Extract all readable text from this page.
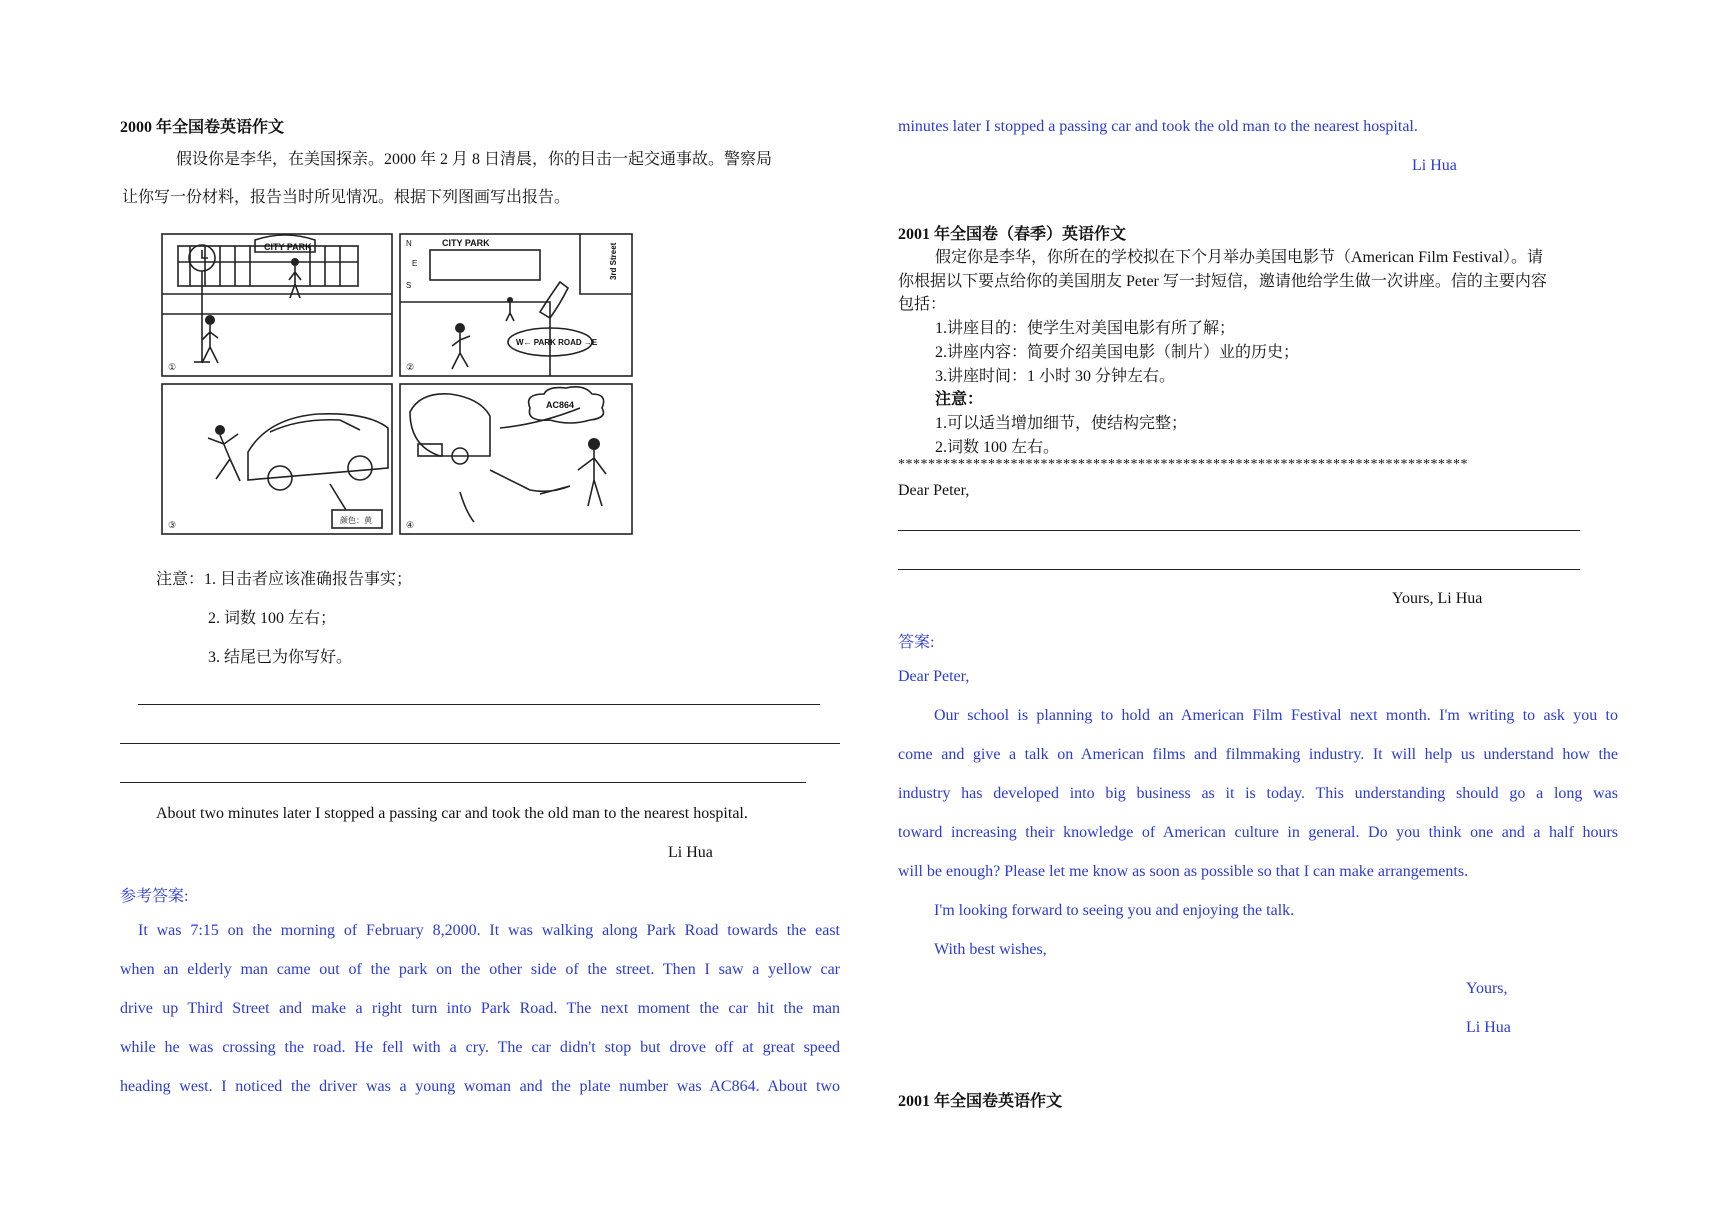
2000 年全国卷英语作文
假设你是李华，在美国探亲。2000 年 2 月 8 日清晨，你的目击一起交通事故。警察局
让你写一份材料，报告当时所见情况。根据下列图画写出报告。
CITY PARK
①
CITY PARK	3rd Street
N
E
S
W← PARK ROAD →E
②
颜色：黄
③
AC864
④
注意：1. 目击者应该准确报告事实；
2. 词数 100 左右；
3. 结尾已为你写好。
About two minutes later I stopped a passing car and took the old man to the nearest hospital.
Li Hua
参考答案:
It was 7:15 on the morning of February 8,2000. It was walking along Park Road towards the east
when an elderly man came out of the park on the other side of the street. Then I saw a yellow car
drive up Third Street and make a right turn into Park Road. The next moment the car hit the man
while he was crossing the road. He fell with a cry. The car didn't stop but drove off at great speed
heading west. I noticed the driver was a young woman and the plate number was AC864. About two
minutes later I stopped a passing car and took the old man to the nearest hospital.
Li Hua
2001 年全国卷（春季）英语作文
假定你是李华，你所在的学校拟在下个月举办美国电影节（American Film Festival）。请
你根据以下要点给你的美国朋友 Peter 写一封短信，邀请他给学生做一次讲座。信的主要内容
包括：
1.讲座目的：使学生对美国电影有所了解；
2.讲座内容：简要介绍美国电影（制片）业的历史；
3.讲座时间：1 小时 30 分钟左右。
注意：
1.可以适当增加细节，使结构完整；
2.词数 100 左右。
****************************************************************************
Dear Peter,
Yours, Li Hua
答案:
Dear Peter,
Our school is planning to hold an American Film Festival next month. I'm writing to ask you to
come and give a talk on American films and filmmaking industry. It will help us understand how the
industry has developed into big business as it is today. This understanding should go a long was
toward increasing their knowledge of American culture in general. Do you think one and a half hours
will be enough? Please let me know as soon as possible so that I can make arrangements.
I'm looking forward to seeing you and enjoying the talk.
With best wishes,
Yours,
Li Hua
2001 年全国卷英语作文
